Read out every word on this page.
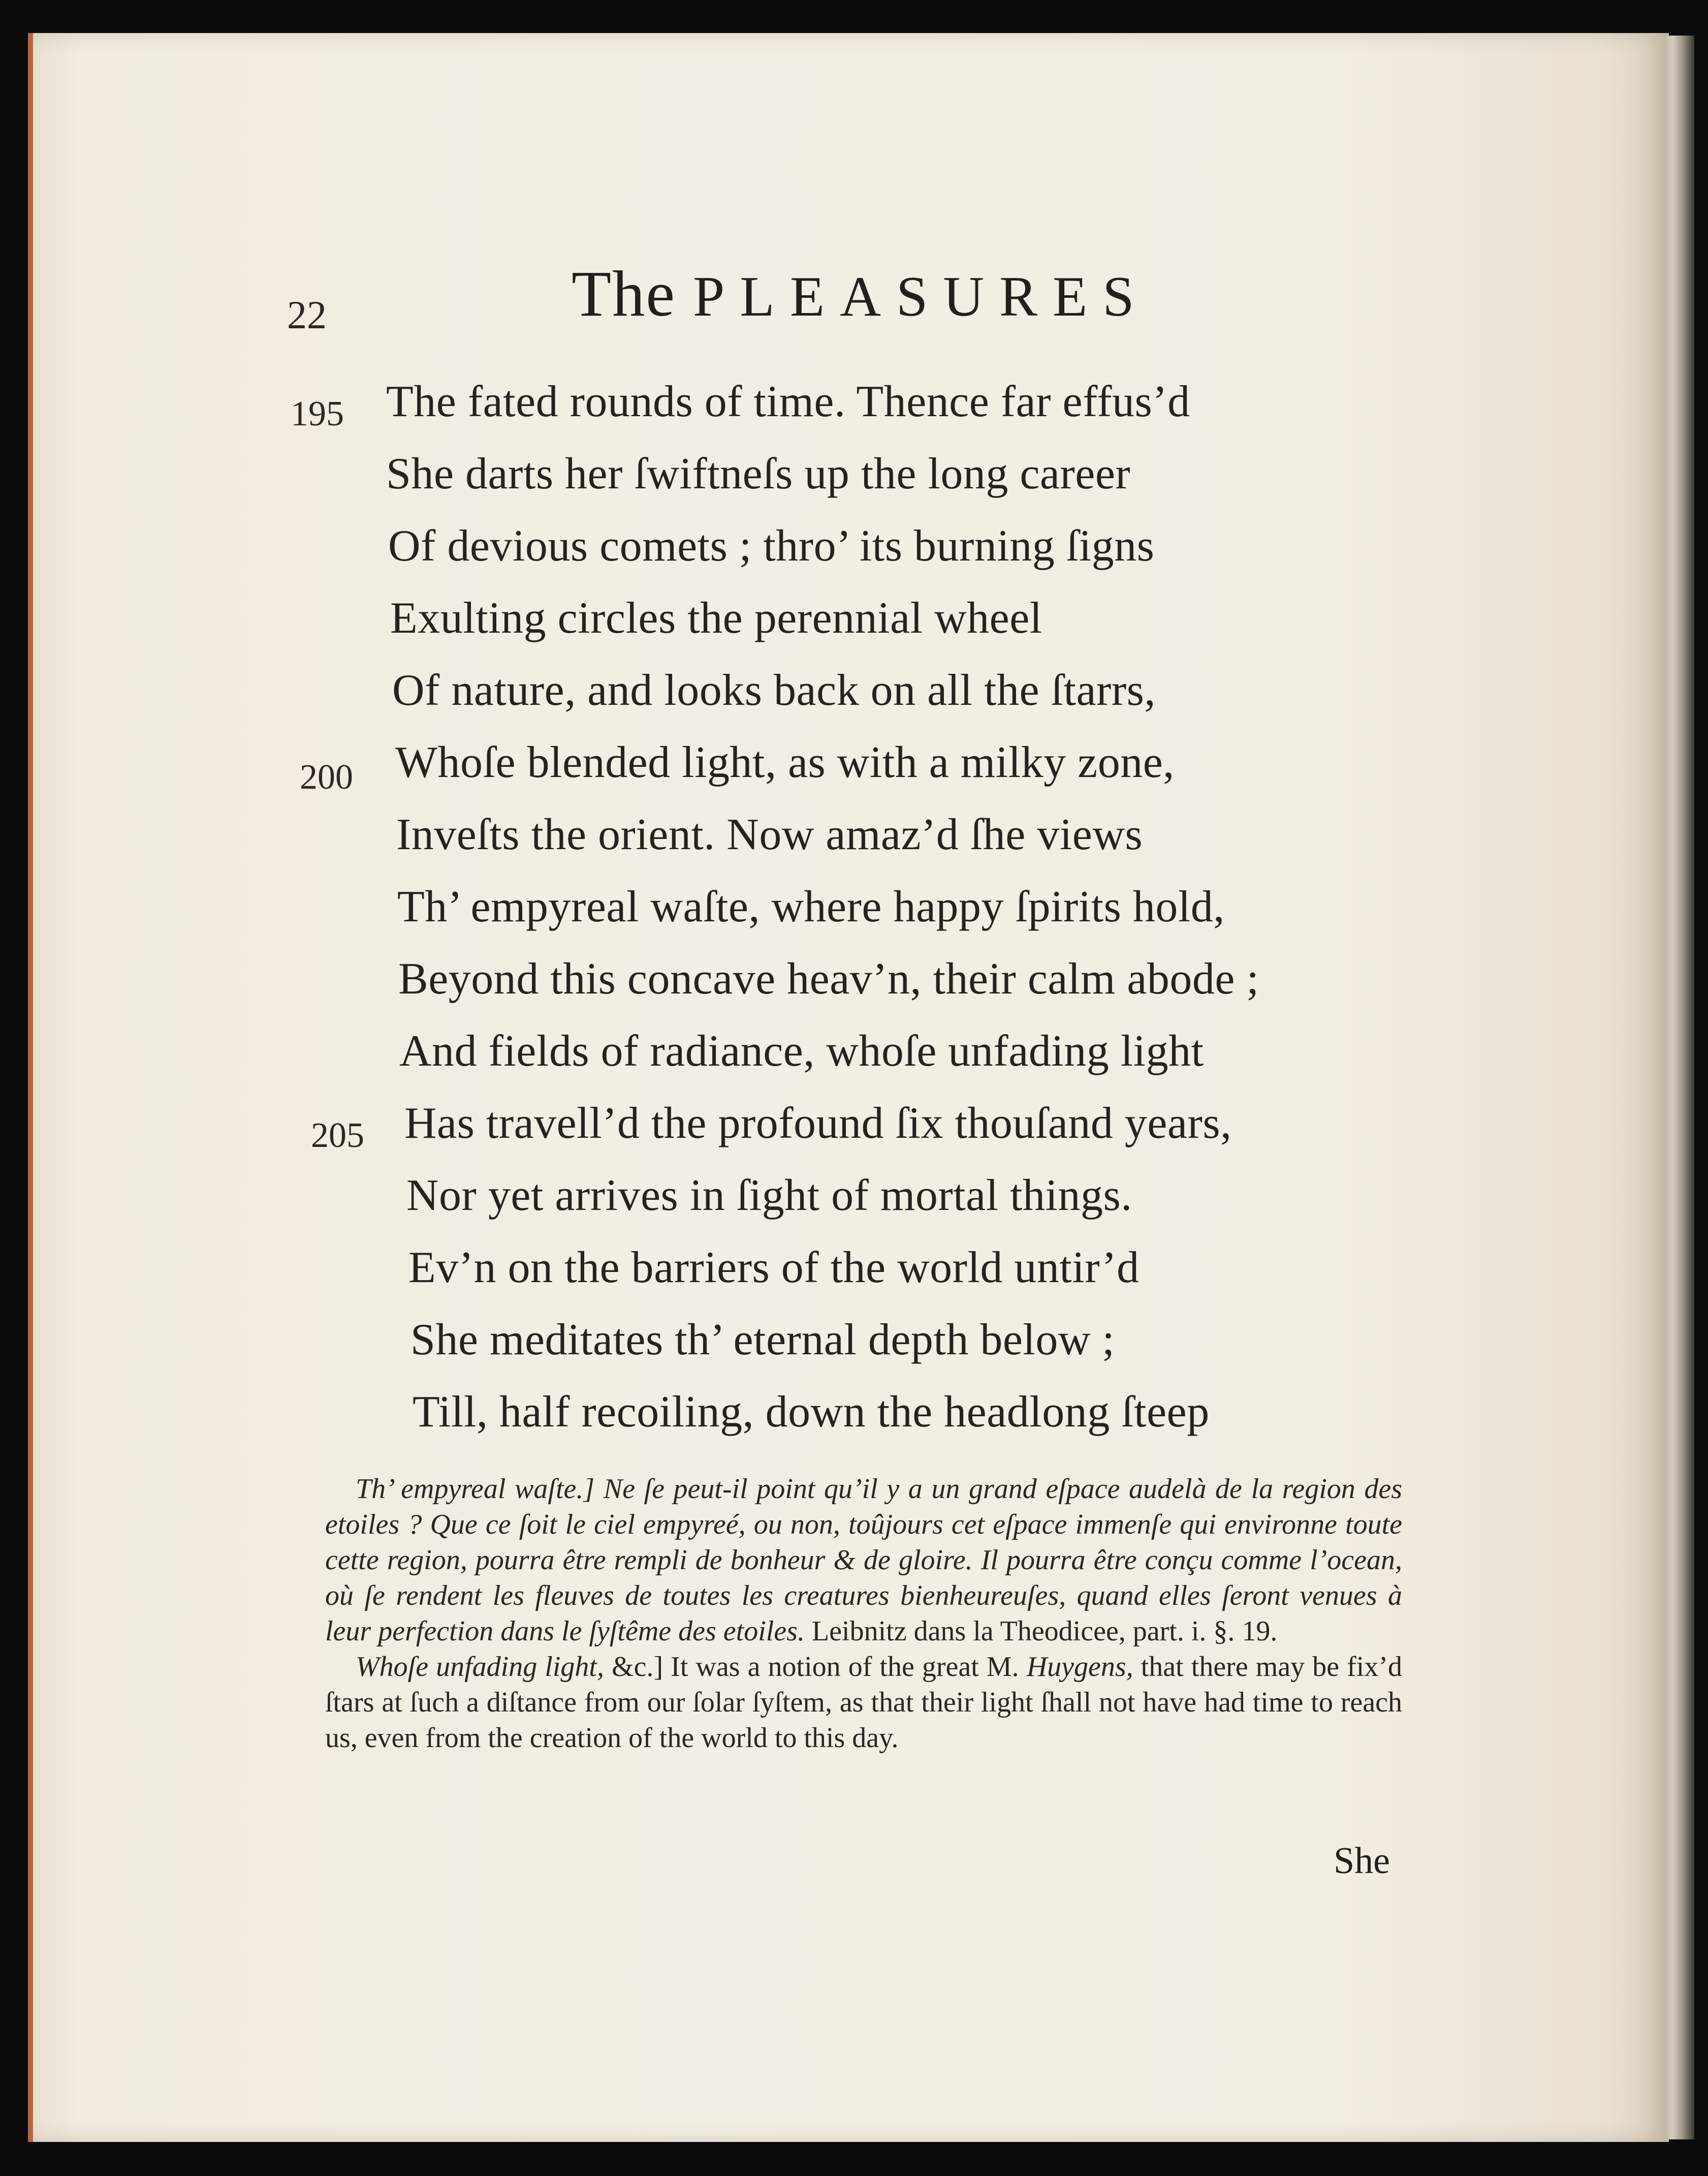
22	The PLEASURES
195 The fated rounds of time. Thence far effus’d
She darts her ſwiftneſs up the long career
Of devious comets ; thro’ its burning ſigns
Exulting circles the perennial wheel
Of nature, and looks back on all the ſtarrs,
200 Whoſe blended light, as with a milky zone,
Inveſts the orient. Now amaz’d ſhe views
Th’ empyreal waſte, where happy ſpirits hold,
Beyond this concave heav’n, their calm abode ;
And fields of radiance, whoſe unfading light
205 Has travell’d the profound ſix thouſand years,
Nor yet arrives in ſight of mortal things.
Ev’n on the barriers of the world untir’d
She meditates th’ eternal depth below ;
Till, half recoiling, down the headlong ſteep

Th’ empyreal waſte.] Ne ſe peut-il point qu’il y a un grand eſpace audelà de la region des etoiles ? Que ce ſoit le ciel empyreé, ou non, toûjours cet eſpace immenſe qui environne toute cette region, pourra être rempli de bonheur & de gloire. Il pourra être conçu comme l’ocean, où ſe rendent les fleuves de toutes les creatures bienheureuſes, quand elles ſeront venues à leur perfection dans le ſyſtême des etoiles. Leibnitz dans la Theodicee, part. i. §. 19.

Whoſe unfading light, &c.] It was a notion of the great M. Huygens, that there may be fix’d ſtars at ſuch a diſtance from our ſolar ſyſtem, as that their light ſhall not have had time to reach us, even from the creation of the world to this day.

She
